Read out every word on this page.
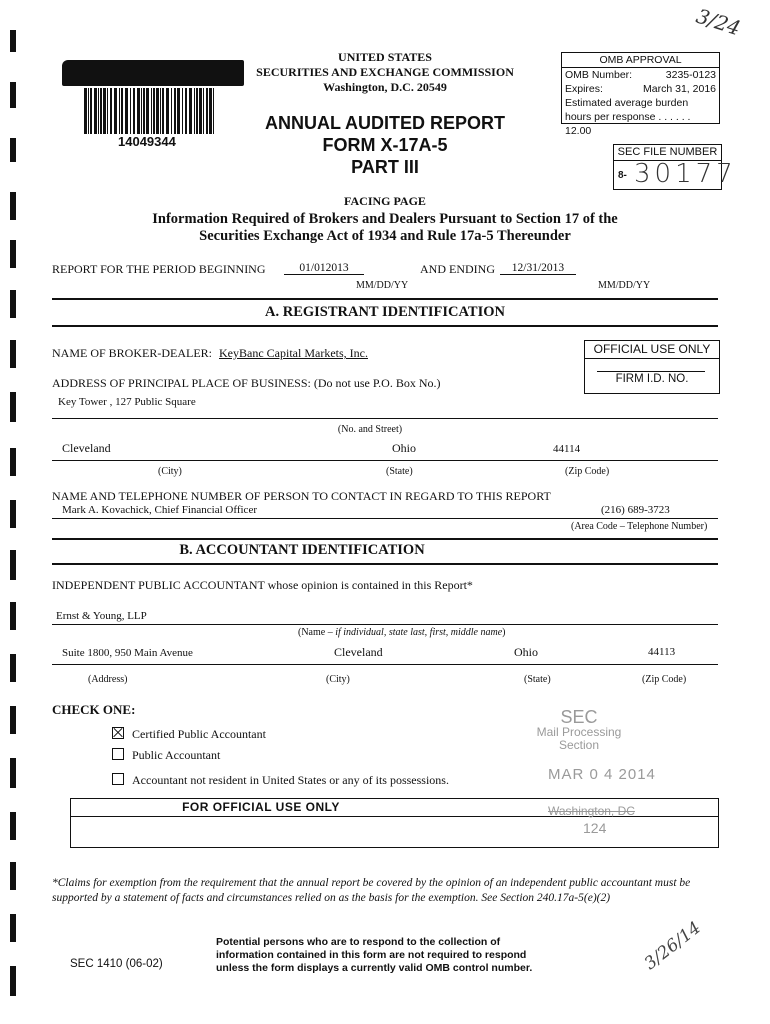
14049344
UNITED STATES
SECURITIES AND EXCHANGE COMMISSION
Washington, D.C. 20549
ANNUAL AUDITED REPORT
FORM X-17A-5
PART III
OMB APPROVAL
OMB Number:	3235-0123
Expires:	March 31, 2016
Estimated average burden
hours per response . . . . . . 12.00
3/24
SEC FILE NUMBER
8- 30177
FACING PAGE
Information Required of Brokers and Dealers Pursuant to Section 17 of the
Securities Exchange Act of 1934 and Rule 17a-5 Thereunder
REPORT FOR THE PERIOD BEGINNING	01/012013
MM/DD/YY
AND ENDING	12/31/2013
MM/DD/YY
A. REGISTRANT IDENTIFICATION
NAME OF BROKER-DEALER: KeyBanc Capital Markets, Inc.	OFFICIAL USE ONLY
FIRM I.D. NO.
ADDRESS OF PRINCIPAL PLACE OF BUSINESS: (Do not use P.O. Box No.)
Key Tower , 127 Public Square
(No. and Street)
Cleveland	Ohio	44114
(City)	(State)	(Zip Code)
NAME AND TELEPHONE NUMBER OF PERSON TO CONTACT IN REGARD TO THIS REPORT
Mark A. Kovachick, Chief Financial Officer	(216) 689-3723
(Area Code – Telephone Number)
B. ACCOUNTANT IDENTIFICATION
INDEPENDENT PUBLIC ACCOUNTANT whose opinion is contained in this Report*
Ernst & Young, LLP
(Name – if individual, state last, first, middle name)
Suite 1800, 950 Main Avenue	Cleveland	Ohio	44113
(Address)	(City)	(State)	(Zip Code)
CHECK ONE:
Certified Public Accountant
Public Accountant
Accountant not resident in United States or any of its possessions.
SEC
Mail Processing
Section
MAR 0 4 2014
FOR OFFICIAL USE ONLY	Washington, DC
124
*Claims for exemption from the requirement that the annual report be covered by the opinion of an independent public accountant must be supported by a statement of facts and circumstances relied on as the basis for the exemption. See Section 240.17a-5(e)(2)
SEC 1410 (06-02)
Potential persons who are to respond to the collection of
information contained in this form are not required to respond
unless the form displays a currently valid OMB control number.	3/26/14
